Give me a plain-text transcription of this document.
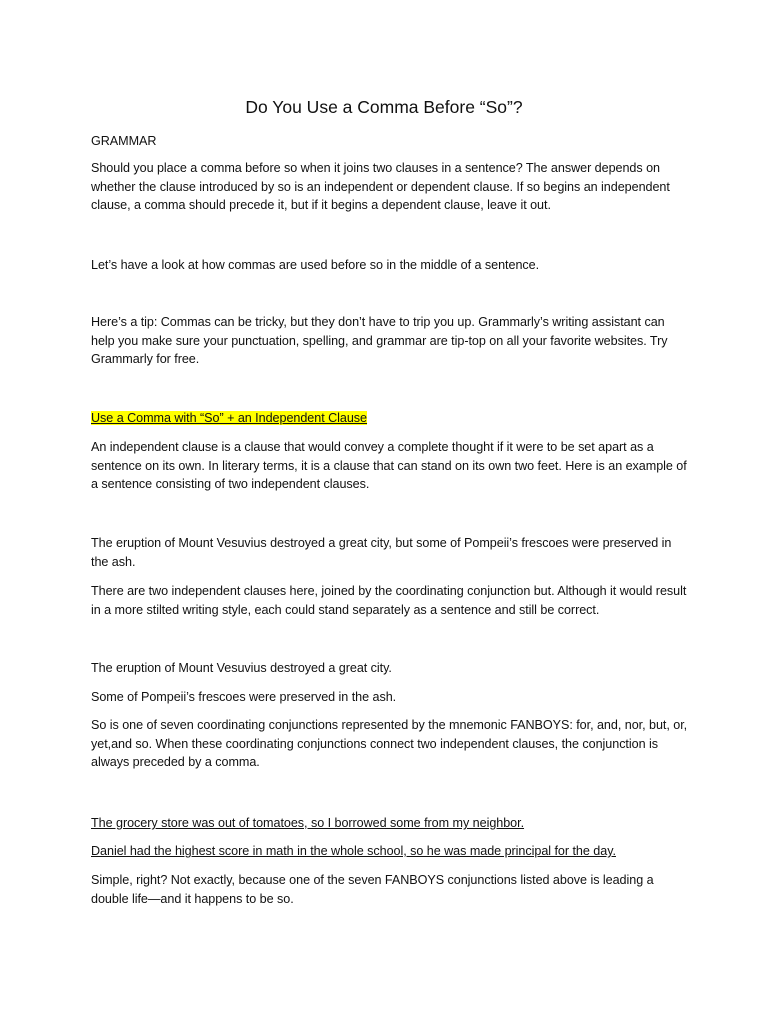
Do You Use a Comma Before “So”?
GRAMMAR
Should you place a comma before so when it joins two clauses in a sentence? The answer depends on whether the clause introduced by so is an independent or dependent clause. If so begins an independent clause, a comma should precede it, but if it begins a dependent clause, leave it out.
Let’s have a look at how commas are used before so in the middle of a sentence.
Here’s a tip: Commas can be tricky, but they don’t have to trip you up. Grammarly’s writing assistant can help you make sure your punctuation, spelling, and grammar are tip-top on all your favorite websites. Try Grammarly for free.
Use a Comma with “So” + an Independent Clause
An independent clause is a clause that would convey a complete thought if it were to be set apart as a sentence on its own. In literary terms, it is a clause that can stand on its own two feet. Here is an example of a sentence consisting of two independent clauses.
The eruption of Mount Vesuvius destroyed a great city, but some of Pompeii’s frescoes were preserved in the ash.
There are two independent clauses here, joined by the coordinating conjunction but. Although it would result in a more stilted writing style, each could stand separately as a sentence and still be correct.
The eruption of Mount Vesuvius destroyed a great city.
Some of Pompeii’s frescoes were preserved in the ash.
So is one of seven coordinating conjunctions represented by the mnemonic FANBOYS: for, and, nor, but, or, yet,and so. When these coordinating conjunctions connect two independent clauses, the conjunction is always preceded by a comma.
The grocery store was out of tomatoes, so I borrowed some from my neighbor.
Daniel had the highest score in math in the whole school, so he was made principal for the day.
Simple, right? Not exactly, because one of the seven FANBOYS conjunctions listed above is leading a double life—and it happens to be so.
